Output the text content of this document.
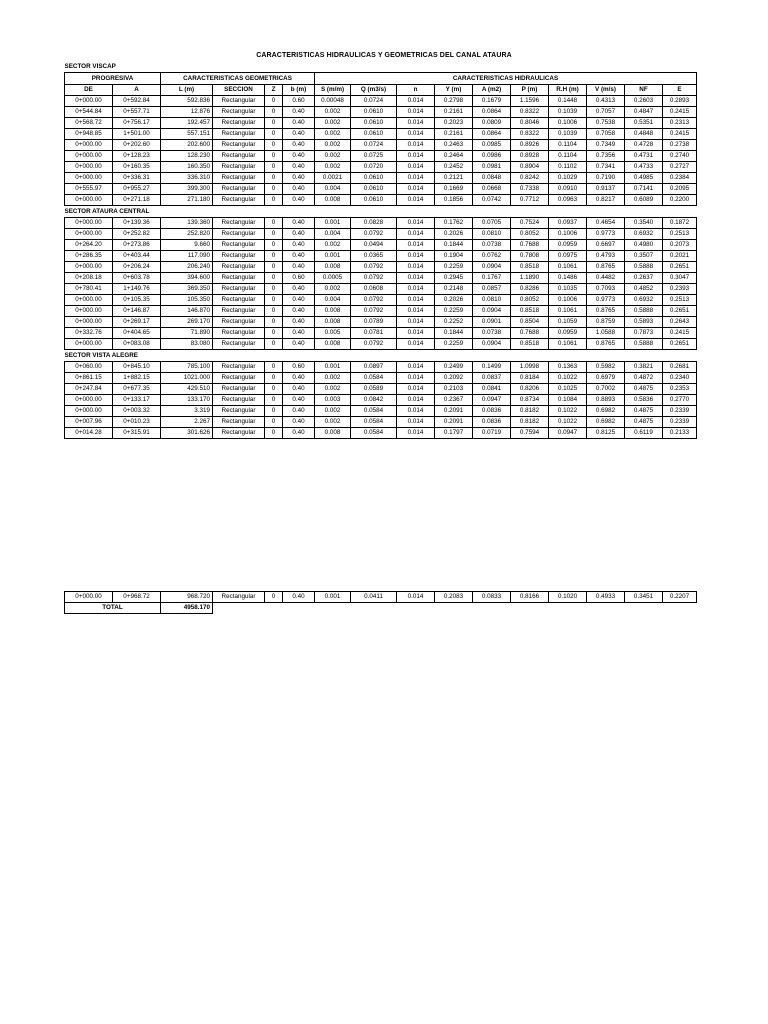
CARACTERISTICAS HIDRAULICAS Y GEOMETRICAS DEL CANAL ATAURA
SECTOR VISCAP															
PROGRESIVA		CARACTERISTICAS GEOMETRICAS				CARACTERISTICAS HIDRAULICAS									
DE	A	L (m)	SECCION	Z	b (m)	S (m/m)	Q (m3/s)	n	Y (m)	A (m2)	P (m)	R.H (m)	V (m/s)	NF	E
0+000.00	0+592.84	592.836	Rectangular	0	0.60	0.00048	0.0724	0.014	0.2798	0.1679	1.1596	0.1448	0.4313	0.2603	0.2893
0+544.84	0+557.71	12.876	Rectangular	0	0.40	0.002	0.0610	0.014	0.2161	0.0864	0.8322	0.1039	0.7057	0.4847	0.2415
0+568.72	0+756.17	192.457	Rectangular	0	0.40	0.002	0.0610	0.014	0.2023	0.0809	0.8046	0.1006	0.7538	0.5351	0.2313
0+948.85	1+501.00	557.151	Rectangular	0	0.40	0.002	0.0610	0.014	0.2161	0.0864	0.8322	0.1039	0.7058	0.4848	0.2415
0+000.00	0+202.60	202.600	Rectangular	0	0.40	0.002	0.0724	0.014	0.2463	0.0985	0.8926	0.1104	0.7349	0.4728	0.2738
0+000.00	0+128.23	128.230	Rectangular	0	0.40	0.002	0.0725	0.014	0.2464	0.0986	0.8928	0.1104	0.7356	0.4731	0.2740
0+000.00	0+160.35	160.350	Rectangular	0	0.40	0.002	0.0720	0.014	0.2452	0.0981	0.8904	0.1102	0.7341	0.4733	0.2727
0+000.00	0+336.31	336.310	Rectangular	0	0.40	0.0021	0.0610	0.014	0.2121	0.0848	0.8242	0.1029	0.7190	0.4985	0.2384
0+555.97	0+955.27	399.300	Rectangular	0	0.40	0.004	0.0610	0.014	0.1669	0.0668	0.7338	0.0910	0.9137	0.7141	0.2095
0+000.00	0+271.18	271.180	Rectangular	0	0.40	0.008	0.0610	0.014	0.1856	0.0742	0.7712	0.0963	0.8217	0.6089	0.2200
SECTOR ATAURA CENTRAL															
0+000.00	0+139.36	139.360	Rectangular	0	0.40	0.001	0.0828	0.014	0.1762	0.0705	0.7524	0.0937	0.4654	0.3540	0.1872
0+000.00	0+252.82	252.820	Rectangular	0	0.40	0.004	0.0792	0.014	0.2026	0.0810	0.8052	0.1006	0.9773	0.6932	0.2513
0+264.20	0+273.86	9.660	Rectangular	0	0.40	0.002	0.0494	0.014	0.1844	0.0738	0.7688	0.0959	0.6697	0.4980	0.2073
0+286.35	0+403.44	117.090	Rectangular	0	0.40	0.001	0.0365	0.014	0.1904	0.0762	0.7808	0.0975	0.4793	0.3507	0.2021
0+000.00	0+206.24	206.240	Rectangular	0	0.40	0.008	0.0792	0.014	0.2259	0.0904	0.8518	0.1061	0.8765	0.5888	0.2651
0+208.18	0+603.78	394.600	Rectangular	0	0.60	0.0005	0.0792	0.014	0.2945	0.1767	1.1890	0.1486	0.4482	0.2637	0.3047
0+780.41	1+149.76	369.350	Rectangular	0	0.40	0.002	0.0608	0.014	0.2148	0.0857	0.8286	0.1035	0.7093	0.4852	0.2393
0+000.00	0+105.35	105.350	Rectangular	0	0.40	0.004	0.0792	0.014	0.2026	0.0810	0.8052	0.1006	0.9773	0.6932	0.2513
0+000.00	0+146.87	146.870	Rectangular	0	0.40	0.008	0.0792	0.014	0.2259	0.0904	0.8518	0.1061	0.8765	0.5888	0.2651
0+000.00	0+269.17	269.170	Rectangular	0	0.40	0.008	0.0789	0.014	0.2252	0.0901	0.8504	0.1059	0.8759	0.5893	0.2643
0+332.76	0+404.65	71.890	Rectangular	0	0.40	0.005	0.0781	0.014	0.1844	0.0738	0.7688	0.0959	1.0588	0.7873	0.2415
0+000.00	0+083.08	83.080	Rectangular	0	0.40	0.008	0.0792	0.014	0.2259	0.0904	0.8518	0.1061	0.8765	0.5888	0.2651
SECTOR VISTA ALEGRE															
0+060.00	0+845.10	785.100	Rectangular	0	0.60	0.001	0.0897	0.014	0.2499	0.1499	1.0998	0.1363	0.5982	0.3821	0.2681
0+861.15	1+882.15	1021.000	Rectangular	0	0.40	0.002	0.0584	0.014	0.2092	0.0837	0.8184	0.1022	0.6979	0.4872	0.2340
0+247.84	0+677.35	429.510	Rectangular	0	0.40	0.002	0.0589	0.014	0.2103	0.0841	0.8206	0.1025	0.7002	0.4875	0.2353
0+000.00	0+133.17	133.170	Rectangular	0	0.40	0.003	0.0842	0.014	0.2367	0.0947	0.8734	0.1084	0.8893	0.5836	0.2770
0+000.00	0+003.32	3.319	Rectangular	0	0.40	0.002	0.0584	0.014	0.2091	0.0836	0.8182	0.1022	0.6982	0.4875	0.2339
0+007.96	0+010.23	2.267	Rectangular	0	0.40	0.002	0.0584	0.014	0.2091	0.0836	0.8182	0.1022	0.6982	0.4875	0.2339
0+014.28	0+315.91	301.626	Rectangular	0	0.40	0.008	0.0584	0.014	0.1797	0.0719	0.7594	0.0947	0.8125	0.6119	0.2133
0+000.00	0+968.72	968.720	Rectangular	0	0.40	0.001	0.0411	0.014	0.2083	0.0833	0.8166	0.1020	0.4933	0.3451	0.2207
TOTAL		4958.170													
